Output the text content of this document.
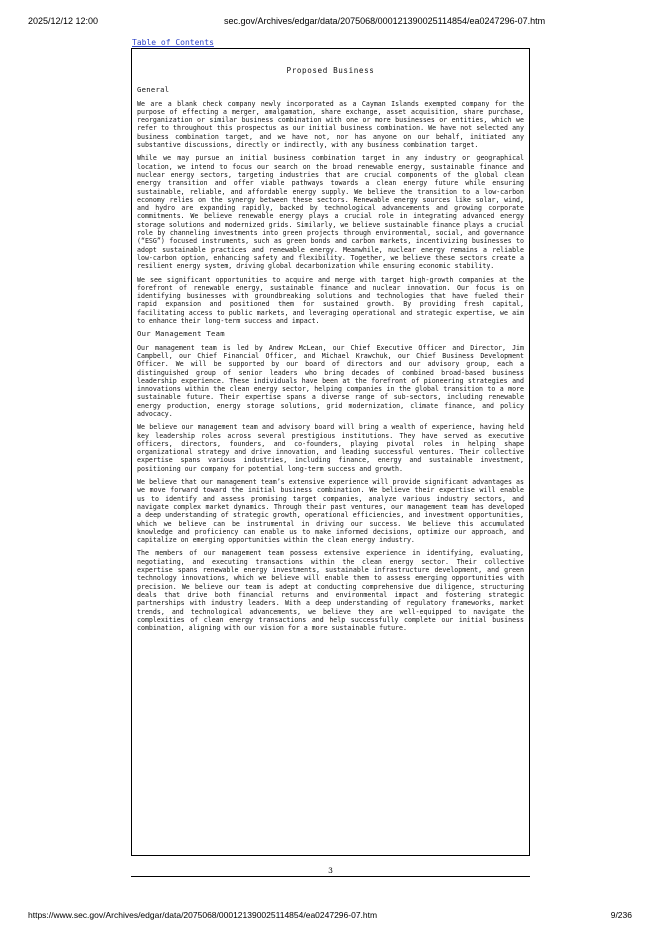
2025/12/12 12:00	sec.gov/Archives/edgar/data/2075068/000121390025114854/ea0247296-07.htm
Table of Contents
Proposed Business
General

We are a blank check company newly incorporated as a Cayman Islands exempted company for the purpose of effecting a merger, amalgamation, share exchange, asset acquisition, share purchase, reorganization or similar business combination with one or more businesses or entities, which we refer to throughout this prospectus as our initial business combination. We have not selected any business combination target, and we have not, nor has anyone on our behalf, initiated any substantive discussions, directly or indirectly, with any business combination target.

While we may pursue an initial business combination target in any industry or geographical location, we intend to focus our search on the broad renewable energy, sustainable finance and nuclear energy sectors, targeting industries that are crucial components of the global clean energy transition and offer viable pathways towards a clean energy future while ensuring sustainable, reliable, and affordable energy supply. We believe the transition to a low-carbon economy relies on the synergy between these sectors. Renewable energy sources like solar, wind, and hydro are expanding rapidly, backed by technological advancements and growing corporate commitments. We believe renewable energy plays a crucial role in integrating advanced energy storage solutions and modernized grids. Similarly, we believe sustainable finance plays a crucial role by channeling investments into green projects through environmental, social, and governance (“ESG”) focused instruments, such as green bonds and carbon markets, incentivizing businesses to adopt sustainable practices and renewable energy. Meanwhile, nuclear energy remains a reliable low-carbon option, enhancing safety and flexibility. Together, we believe these sectors create a resilient energy system, driving global decarbonization while ensuring economic stability.

We see significant opportunities to acquire and merge with target high-growth companies at the forefront of renewable energy, sustainable finance and nuclear innovation. Our focus is on identifying businesses with groundbreaking solutions and technologies that have fueled their rapid expansion and positioned them for sustained growth. By providing fresh capital, facilitating access to public markets, and leveraging operational and strategic expertise, we aim to enhance their long-term success and impact.

Our Management Team

Our management team is led by Andrew McLean, our Chief Executive Officer and Director, Jim Campbell, our Chief Financial Officer, and Michael Krawchuk, our Chief Business Development Officer. We will be supported by our board of directors and our advisory group, each a distinguished group of senior leaders who bring decades of combined broad-based business leadership experience. These individuals have been at the forefront of pioneering strategies and innovations within the clean energy sector, helping companies in the global transition to a more sustainable future. Their expertise spans a diverse range of sub-sectors, including renewable energy production, energy storage solutions, grid modernization, climate finance, and policy advocacy.

We believe our management team and advisory board will bring a wealth of experience, having held key leadership roles across several prestigious institutions. They have served as executive officers, directors, founders, and co-founders, playing pivotal roles in helping shape organizational strategy and drive innovation, and leading successful ventures. Their collective expertise spans various industries, including finance, energy and sustainable investment, positioning our company for potential long-term success and growth.

We believe that our management team’s extensive experience will provide significant advantages as we move forward toward the initial business combination. We believe their expertise will enable us to identify and assess promising target companies, analyze various industry sectors, and navigate complex market dynamics. Through their past ventures, our management team has developed a deep understanding of strategic growth, operational efficiencies, and investment opportunities, which we believe can be instrumental in driving our success. We believe this accumulated knowledge and proficiency can enable us to make informed decisions, optimize our approach, and capitalize on emerging opportunities within the clean energy industry.

The members of our management team possess extensive experience in identifying, evaluating, negotiating, and executing transactions within the clean energy sector. Their collective expertise spans renewable energy investments, sustainable infrastructure development, and green technology innovations, which we believe will enable them to assess emerging opportunities with precision. We believe our team is adept at conducting comprehensive due diligence, structuring deals that drive both financial returns and environmental impact and fostering strategic partnerships with industry leaders. With a deep understanding of regulatory frameworks, market trends, and technological advancements, we believe they are well-equipped to navigate the complexities of clean energy transactions and help successfully complete our initial business combination, aligning with our vision for a more sustainable future.

3
https://www.sec.gov/Archives/edgar/data/2075068/000121390025114854/ea0247296-07.htm	9/236
